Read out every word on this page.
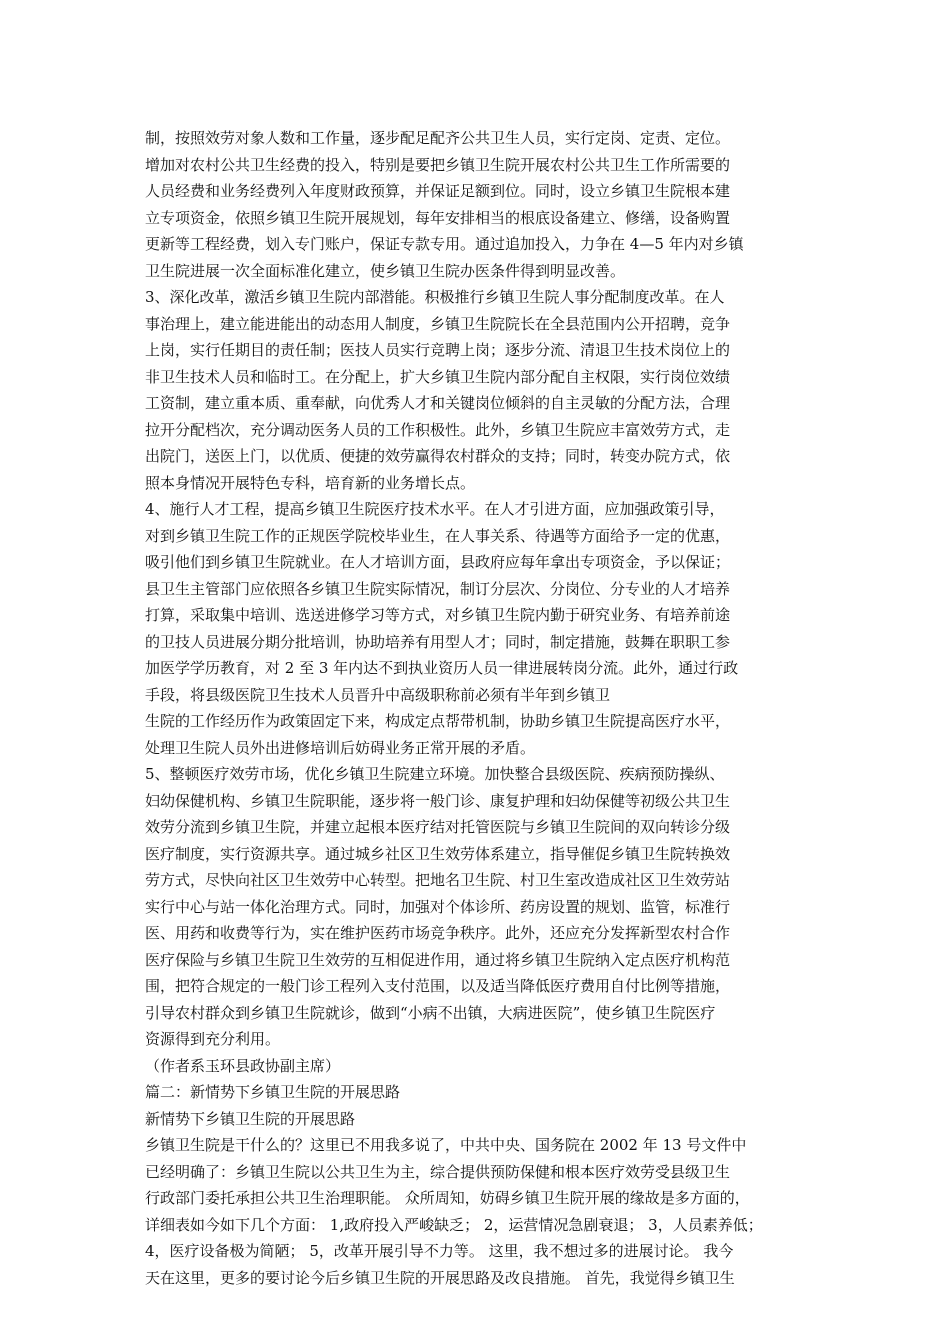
制，按照效劳对象人数和工作量，逐步配足配齐公共卫生人员，实行定岗、定责、定位。
增加对农村公共卫生经费的投入，特别是要把乡镇卫生院开展农村公共卫生工作所需要的
人员经费和业务经费列入年度财政预算，并保证足额到位。同时，设立乡镇卫生院根本建
立专项资金，依照乡镇卫生院开展规划，每年安排相当的根底设备建立、修缮，设备购置
更新等工程经费，划入专门账户，保证专款专用。通过追加投入，力争在 4—5 年内对乡镇
卫生院进展一次全面标准化建立，使乡镇卫生院办医条件得到明显改善。
3、深化改革，激活乡镇卫生院内部潜能。积极推行乡镇卫生院人事分配制度改革。在人
事治理上，建立能进能出的动态用人制度，乡镇卫生院院长在全县范围内公开招聘，竞争
上岗，实行任期目的责任制；医技人员实行竞聘上岗；逐步分流、清退卫生技术岗位上的
非卫生技术人员和临时工。在分配上，扩大乡镇卫生院内部分配自主权限，实行岗位效绩
工资制，建立重本质、重奉献，向优秀人才和关键岗位倾斜的自主灵敏的分配方法，合理
拉开分配档次，充分调动医务人员的工作积极性。此外，乡镇卫生院应丰富效劳方式，走
出院门，送医上门，以优质、便捷的效劳赢得农村群众的支持；同时，转变办院方式，依
照本身情况开展特色专科，培育新的业务增长点。
4、施行人才工程，提高乡镇卫生院医疗技术水平。在人才引进方面，应加强政策引导，
对到乡镇卫生院工作的正规医学院校毕业生，在人事关系、待遇等方面给予一定的优惠，
吸引他们到乡镇卫生院就业。在人才培训方面，县政府应每年拿出专项资金，予以保证；
县卫生主管部门应依照各乡镇卫生院实际情况，制订分层次、分岗位、分专业的人才培养
打算，采取集中培训、选送进修学习等方式，对乡镇卫生院内勤于研究业务、有培养前途
的卫技人员进展分期分批培训，协助培养有用型人才；同时，制定措施，鼓舞在职职工参
加医学学历教育，对 2 至 3 年内达不到执业资历人员一律进展转岗分流。此外，通过行政
手段，将县级医院卫生技术人员晋升中高级职称前必须有半年到乡镇卫
生院的工作经历作为政策固定下来，构成定点帮带机制，协助乡镇卫生院提高医疗水平，
处理卫生院人员外出进修培训后妨碍业务正常开展的矛盾。
5、整顿医疗效劳市场，优化乡镇卫生院建立环境。加快整合县级医院、疾病预防操纵、
妇幼保健机构、乡镇卫生院职能，逐步将一般门诊、康复护理和妇幼保健等初级公共卫生
效劳分流到乡镇卫生院，并建立起根本医疗结对托管医院与乡镇卫生院间的双向转诊分级
医疗制度，实行资源共享。通过城乡社区卫生效劳体系建立，指导催促乡镇卫生院转换效
劳方式，尽快向社区卫生效劳中心转型。把地名卫生院、村卫生室改造成社区卫生效劳站
实行中心与站一体化治理方式。同时，加强对个体诊所、药房设置的规划、监管，标准行
医、用药和收费等行为，实在维护医药市场竞争秩序。此外，还应充分发挥新型农村合作
医疗保险与乡镇卫生院卫生效劳的互相促进作用，通过将乡镇卫生院纳入定点医疗机构范
围，把符合规定的一般门诊工程列入支付范围，以及适当降低医疗费用自付比例等措施，
引导农村群众到乡镇卫生院就诊，做到“小病不出镇，大病进医院”，使乡镇卫生院医疗
资源得到充分利用。
（作者系玉环县政协副主席）
篇二：新情势下乡镇卫生院的开展思路
新情势下乡镇卫生院的开展思路
乡镇卫生院是干什么的？这里已不用我多说了，中共中央、国务院在 2002 年 13 号文件中
已经明确了：乡镇卫生院以公共卫生为主，综合提供预防保健和根本医疗效劳受县级卫生
行政部门委托承担公共卫生治理职能。 众所周知，妨碍乡镇卫生院开展的缘故是多方面的，
详细表如今如下几个方面： 1,政府投入严峻缺乏； 2，运营情况急剧衰退； 3，人员素养低；
4，医疗设备极为简陋； 5，改革开展引导不力等。 这里，我不想过多的进展讨论。 我今
天在这里，更多的要讨论今后乡镇卫生院的开展思路及改良措施。 首先，我觉得乡镇卫生
